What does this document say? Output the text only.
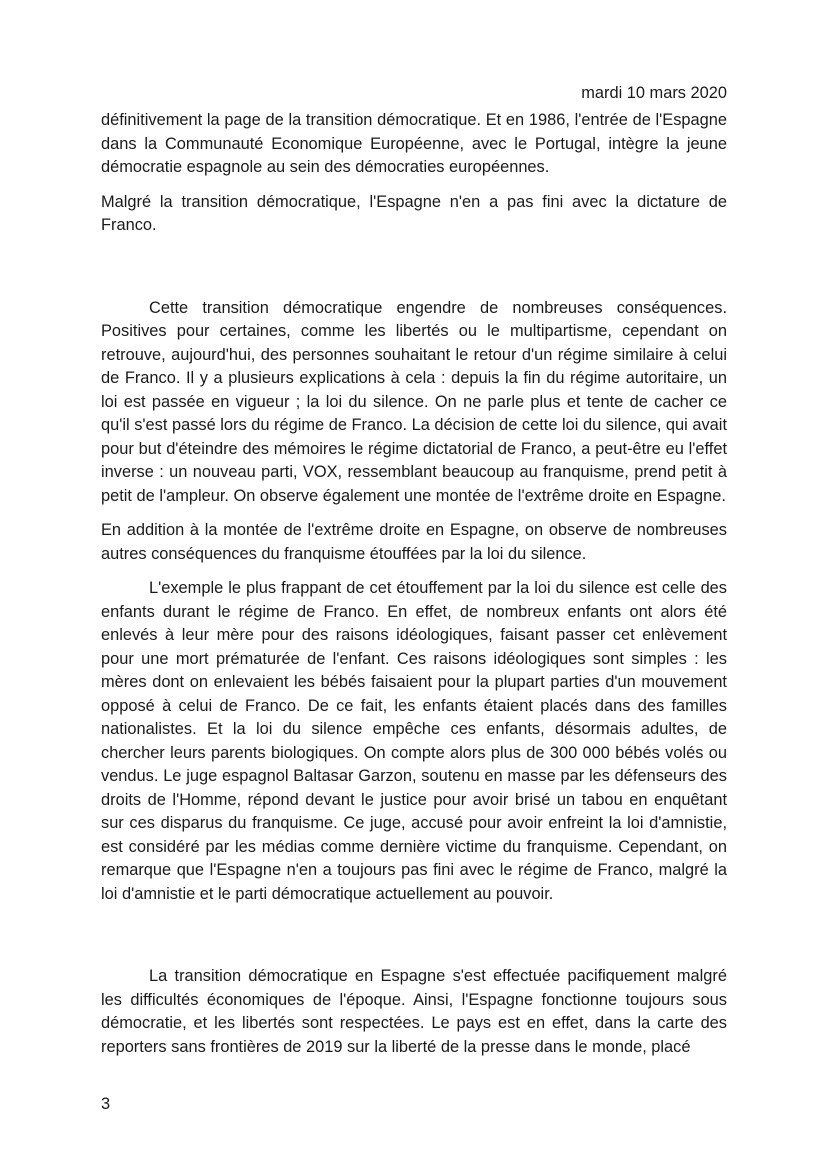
mardi 10 mars 2020

définitivement la page de la transition démocratique. Et en 1986, l'entrée de l'Espagne dans la Communauté Economique Européenne, avec le Portugal, intègre la jeune démocratie espagnole au sein des démocraties européennes.

Malgré la transition démocratique, l'Espagne n'en a pas fini avec la dictature de Franco.

Cette transition démocratique engendre de nombreuses conséquences. Positives pour certaines, comme les libertés ou le multipartisme, cependant on retrouve, aujourd'hui, des personnes souhaitant le retour d'un régime similaire à celui de Franco. Il y a plusieurs explications à cela : depuis la fin du régime autoritaire, un loi est passée en vigueur ; la loi du silence. On ne parle plus et tente de cacher ce qu'il s'est passé lors du régime de Franco. La décision de cette loi du silence, qui avait pour but d'éteindre des mémoires le régime dictatorial de Franco, a peut-être eu l'effet inverse : un nouveau parti, VOX, ressemblant beaucoup au franquisme, prend petit à petit de l'ampleur. On observe également une montée de l'extrême droite en Espagne.

En addition à la montée de l'extrême droite en Espagne, on observe de nombreuses autres conséquences du franquisme étouffées par la loi du silence.

L'exemple le plus frappant de cet étouffement par la loi du silence est celle des enfants durant le régime de Franco. En effet, de nombreux enfants ont alors été enlevés à leur mère pour des raisons idéologiques, faisant passer cet enlèvement pour une mort prématurée de l'enfant. Ces raisons idéologiques sont simples : les mères dont on enlevaient les bébés faisaient pour la plupart parties d'un mouvement opposé à celui de Franco. De ce fait, les enfants étaient placés dans des familles nationalistes. Et la loi du silence empêche ces enfants, désormais adultes, de chercher leurs parents biologiques. On compte alors plus de 300 000 bébés volés ou vendus. Le juge espagnol Baltasar Garzon, soutenu en masse par les défenseurs des droits de l'Homme, répond devant le justice pour avoir brisé un tabou en enquêtant sur ces disparus du franquisme. Ce juge, accusé pour avoir enfreint la loi d'amnistie, est considéré par les médias comme dernière victime du franquisme. Cependant, on remarque que l'Espagne n'en a toujours pas fini avec le régime de Franco, malgré la loi d'amnistie et le parti démocratique actuellement au pouvoir.

La transition démocratique en Espagne s'est effectuée pacifiquement malgré les difficultés économiques de l'époque. Ainsi, l'Espagne fonctionne toujours sous démocratie, et les libertés sont respectées. Le pays est en effet, dans la carte des reporters sans frontières de 2019 sur la liberté de la presse dans le monde, placé

3
